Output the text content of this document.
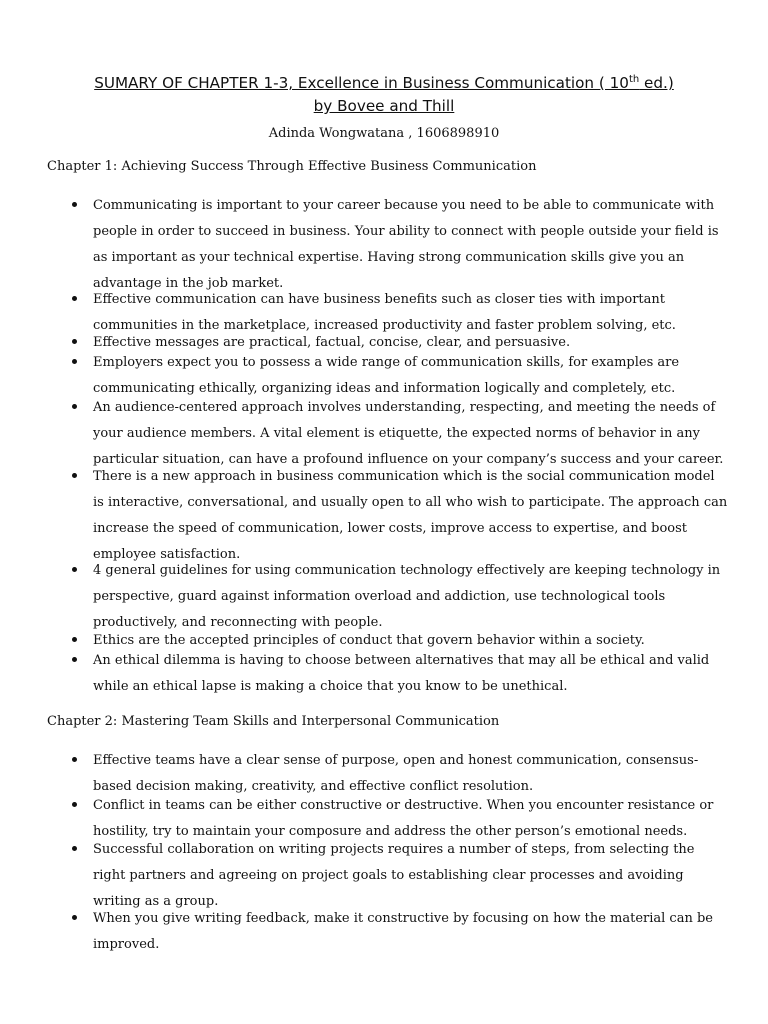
SUMARY OF CHAPTER 1-3, Excellence in Business Communication ( 10th ed.)
by Bovee and Thill
Adinda Wongwatana , 1606898910
Chapter 1: Achieving Success Through Effective Business Communication
Communicating is important to your career because you need to be able to communicate with people in order to succeed in business. Your ability to connect with people outside your field is as important as your technical expertise. Having strong communication skills give you an advantage in the job market.
Effective communication can have business benefits such as closer ties with important communities in the marketplace, increased productivity and faster problem solving, etc.
Effective messages are practical, factual, concise, clear, and persuasive.
Employers expect you to possess a wide range of communication skills, for examples are communicating ethically, organizing ideas and information logically and completely, etc.
An audience-centered approach involves understanding, respecting, and meeting the needs of your audience members. A vital element is etiquette, the expected norms of behavior in any particular situation, can have a profound influence on your company’s success and your career.
There is a new approach in business communication which is the social communication model is interactive, conversational, and usually open to all who wish to participate. The approach can increase the speed of communication, lower costs, improve access to expertise, and boost employee satisfaction.
4 general guidelines for using communication technology effectively are keeping technology in perspective, guard against information overload and addiction, use technological tools productively, and reconnecting with people.
Ethics are the accepted principles of conduct that govern behavior within a society.
An ethical dilemma is having to choose between alternatives that may all be ethical and valid while an ethical lapse is making a choice that you know to be unethical.
Chapter 2: Mastering Team Skills and Interpersonal Communication
Effective teams have a clear sense of purpose, open and honest communication, consensus-based decision making, creativity, and effective conflict resolution.
Conflict in teams can be either constructive or destructive. When you encounter resistance or hostility, try to maintain your composure and address the other person’s emotional needs.
Successful collaboration on writing projects requires a number of steps, from selecting the right partners and agreeing on project goals to establishing clear processes and avoiding writing as a group.
When you give writing feedback, make it constructive by focusing on how the material can be improved.
